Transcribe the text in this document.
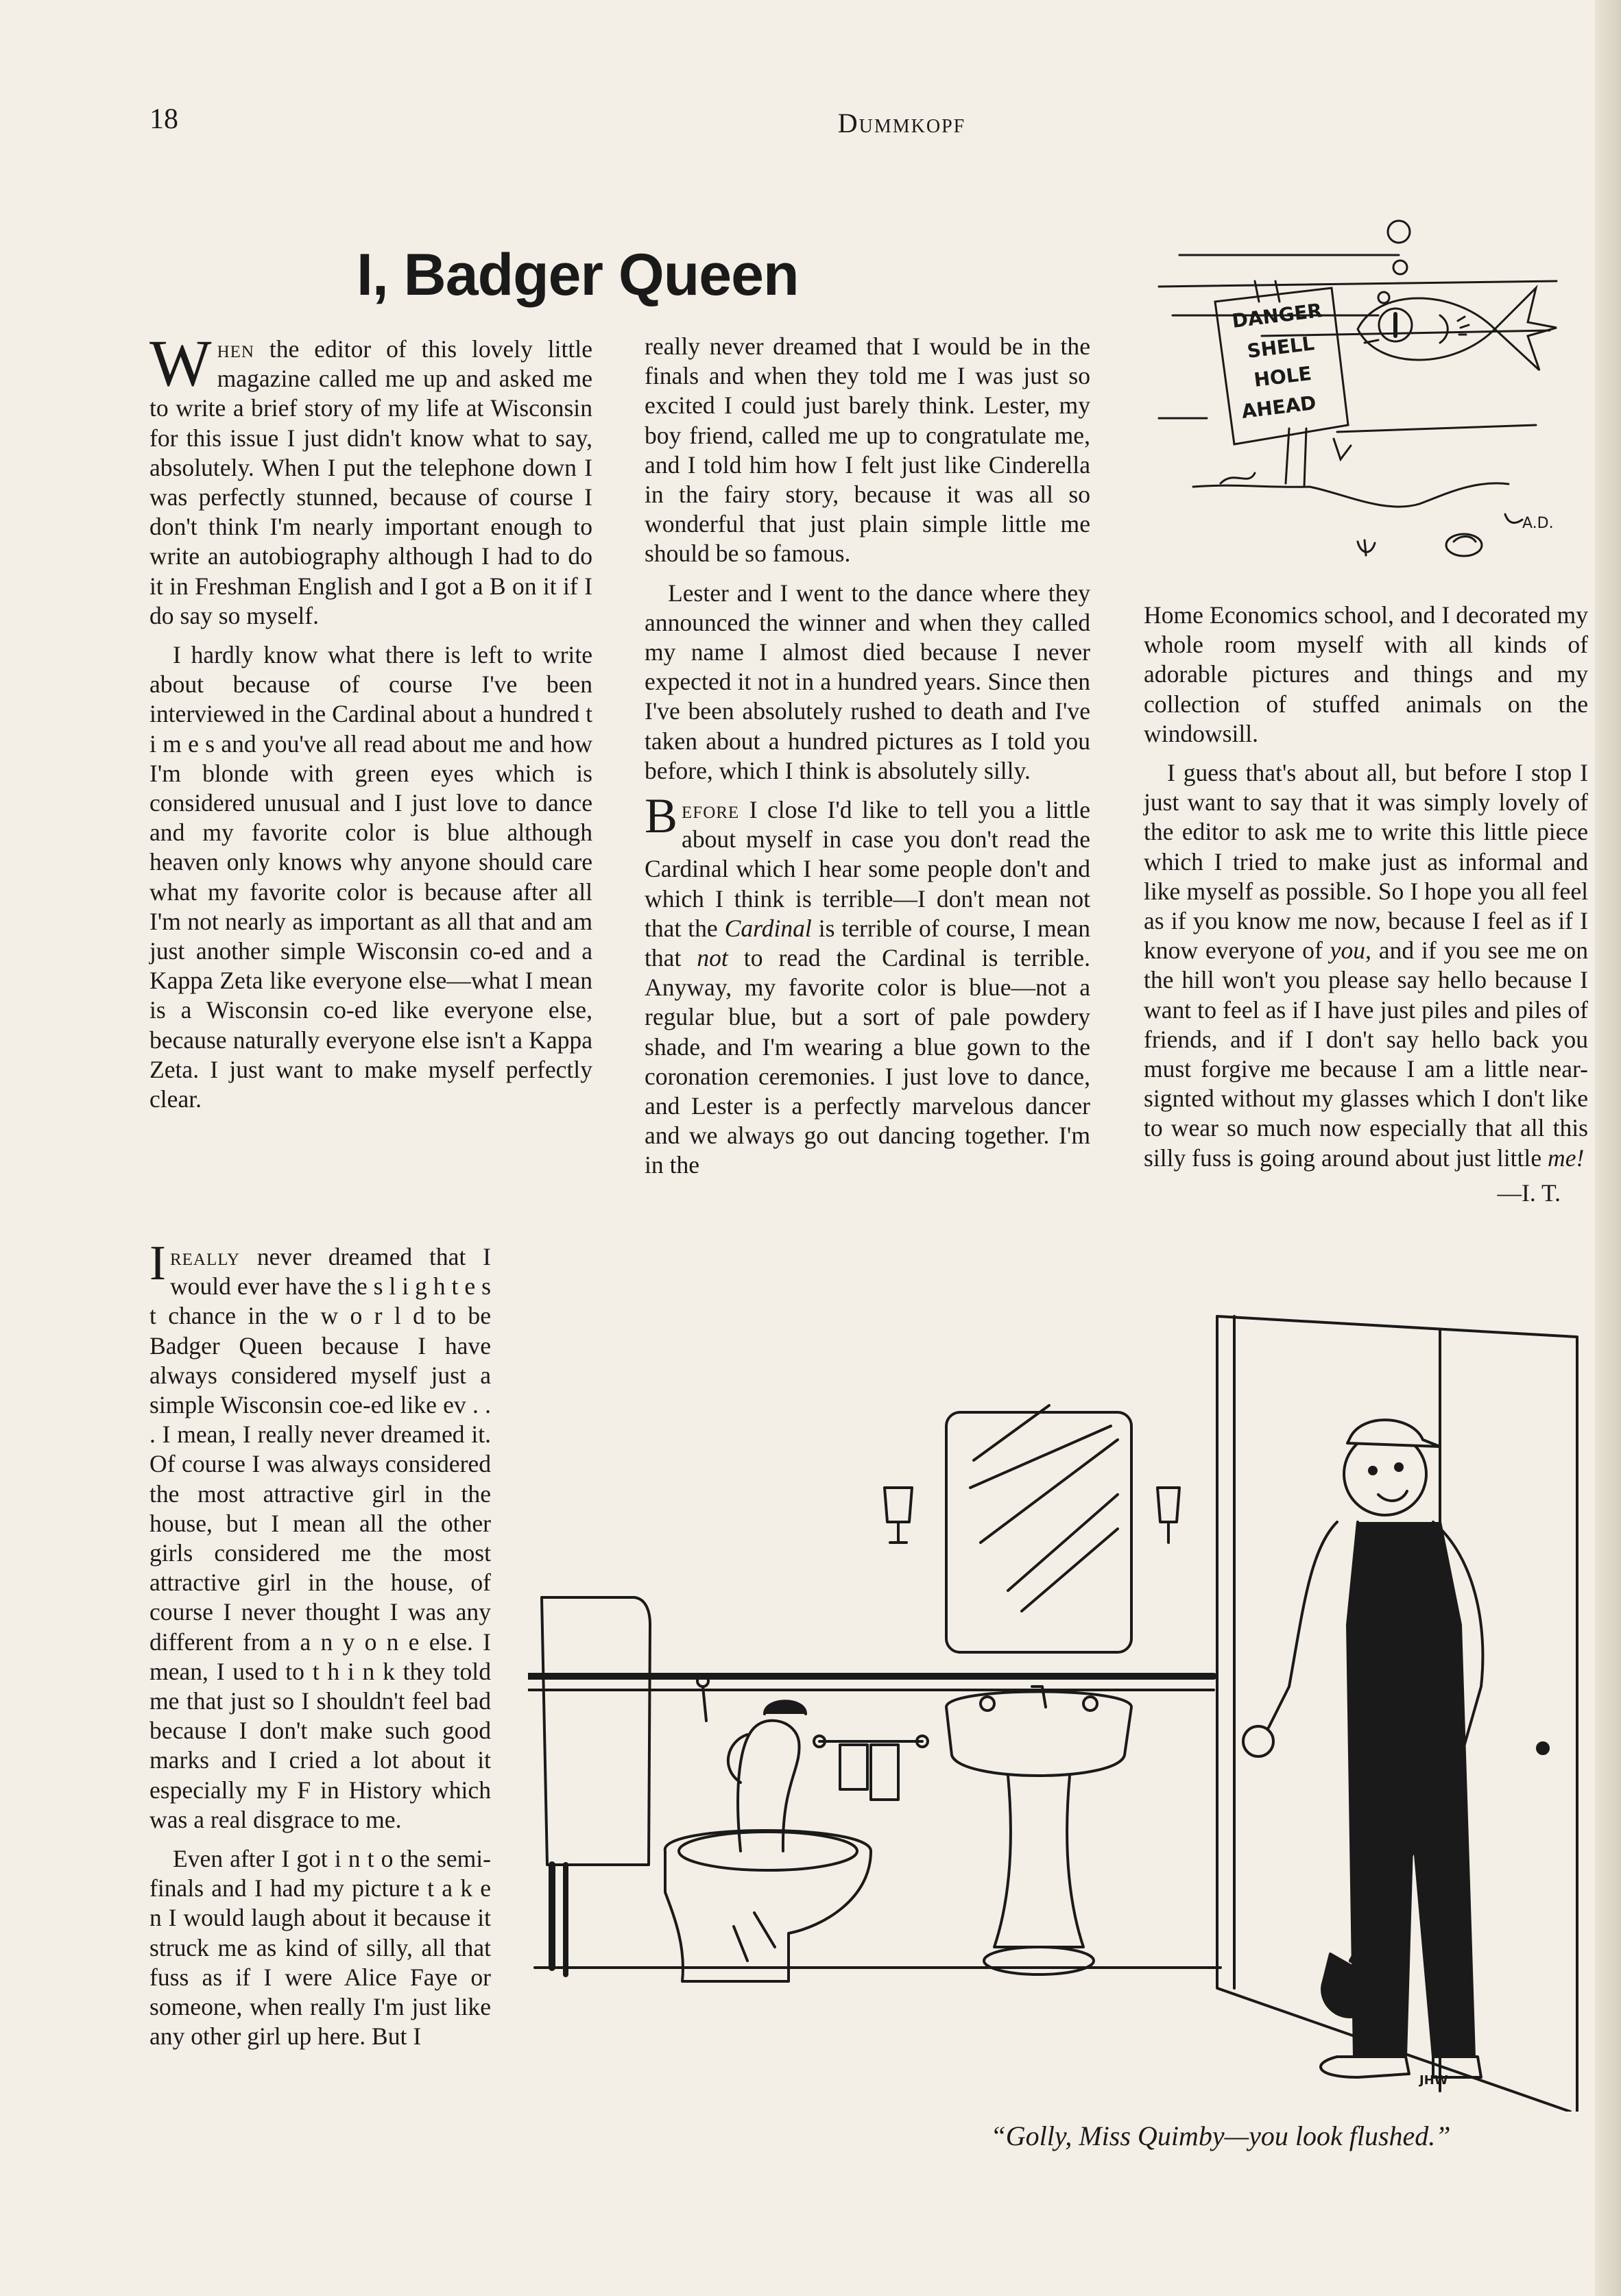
18	Dummkopf
I, Badger Queen

When the editor of this lovely little magazine called me up and asked me to write a brief story of my life at Wisconsin for this issue I just didn't know what to say, absolutely. When I put the telephone down I was perfectly stunned, because of course I don't think I'm nearly important enough to write an autobiography although I had to do it in Freshman English and I got a B on it if I do say so myself.

I hardly know what there is left to write about because of course I've been interviewed in the Cardinal about a hundred t i m e s and you've all read about me and how I'm blonde with green eyes which is considered unusual and I just love to dance and my favorite color is blue although heaven only knows why anyone should care what my favorite color is because after all I'm not nearly as important as all that and am just another simple Wisconsin co-ed and a Kappa Zeta like everyone else—what I mean is a Wisconsin co-ed like everyone else, because naturally everyone else isn't a Kappa Zeta. I just want to make myself perfectly clear.

Ireally never dreamed that I would ever have the s l i g h t e s t chance in the w o r l d to be Badger Queen because I have always considered myself just a simple Wisconsin coe-ed like ev . . . I mean, I really never dreamed it. Of course I was always considered the most attractive girl in the house, but I mean all the other girls considered me the most attractive girl in the house, of course I never thought I was any different from a n y o n e else. I mean, I used to t h i n k they told me that just so I shouldn't feel bad because I don't make such good marks and I cried a lot about it especially my F in History which was a real disgrace to me.

Even after I got i n t o the semi-finals and I had my picture t a k e n I would laugh about it because it struck me as kind of silly, all that fuss as if I were Alice Faye or someone, when really I'm just like any other girl up here. But I

really never dreamed that I would be in the finals and when they told me I was just so excited I could just barely think. Lester, my boy friend, called me up to congratulate me, and I told him how I felt just like Cinderella in the fairy story, because it was all so wonderful that just plain simple little me should be so famous.

Lester and I went to the dance where they announced the winner and when they called my name I almost died because I never expected it not in a hundred years. Since then I've been absolutely rushed to death and I've taken about a hundred pictures as I told you before, which I think is absolutely silly.

Before I close I'd like to tell you a little about myself in case you don't read the Cardinal which I hear some people don't and which I think is terrible—I don't mean not that the Cardinal is terrible of course, I mean that not to read the Cardinal is terrible. Anyway, my favorite color is blue—not a regular blue, but a sort of pale powdery shade, and I'm wearing a blue gown to the coronation ceremonies. I just love to dance, and Lester is a perfectly marvelous dancer and we always go out dancing together. I'm in the

Home Economics school, and I decorated my whole room myself with all kinds of adorable pictures and things and my collection of stuffed animals on the windowsill.

I guess that's about all, but before I stop I just want to say that it was simply lovely of the editor to ask me to write this little piece which I tried to make just as informal and like myself as possible. So I hope you all feel as if you know me now, because I feel as if I know everyone of you, and if you see me on the hill won't you please say hello because I want to feel as if I have just piles and piles of friends, and if I don't say hello back you must forgive me because I am a little near-signted without my glasses which I don't like to wear so much now especially that all this silly fuss is going around about just little me!

—I. T.
DANGER
SHELL
HOLE
AHEAD
A.D.
JHW
“Golly, Miss Quimby—you look flushed.”
